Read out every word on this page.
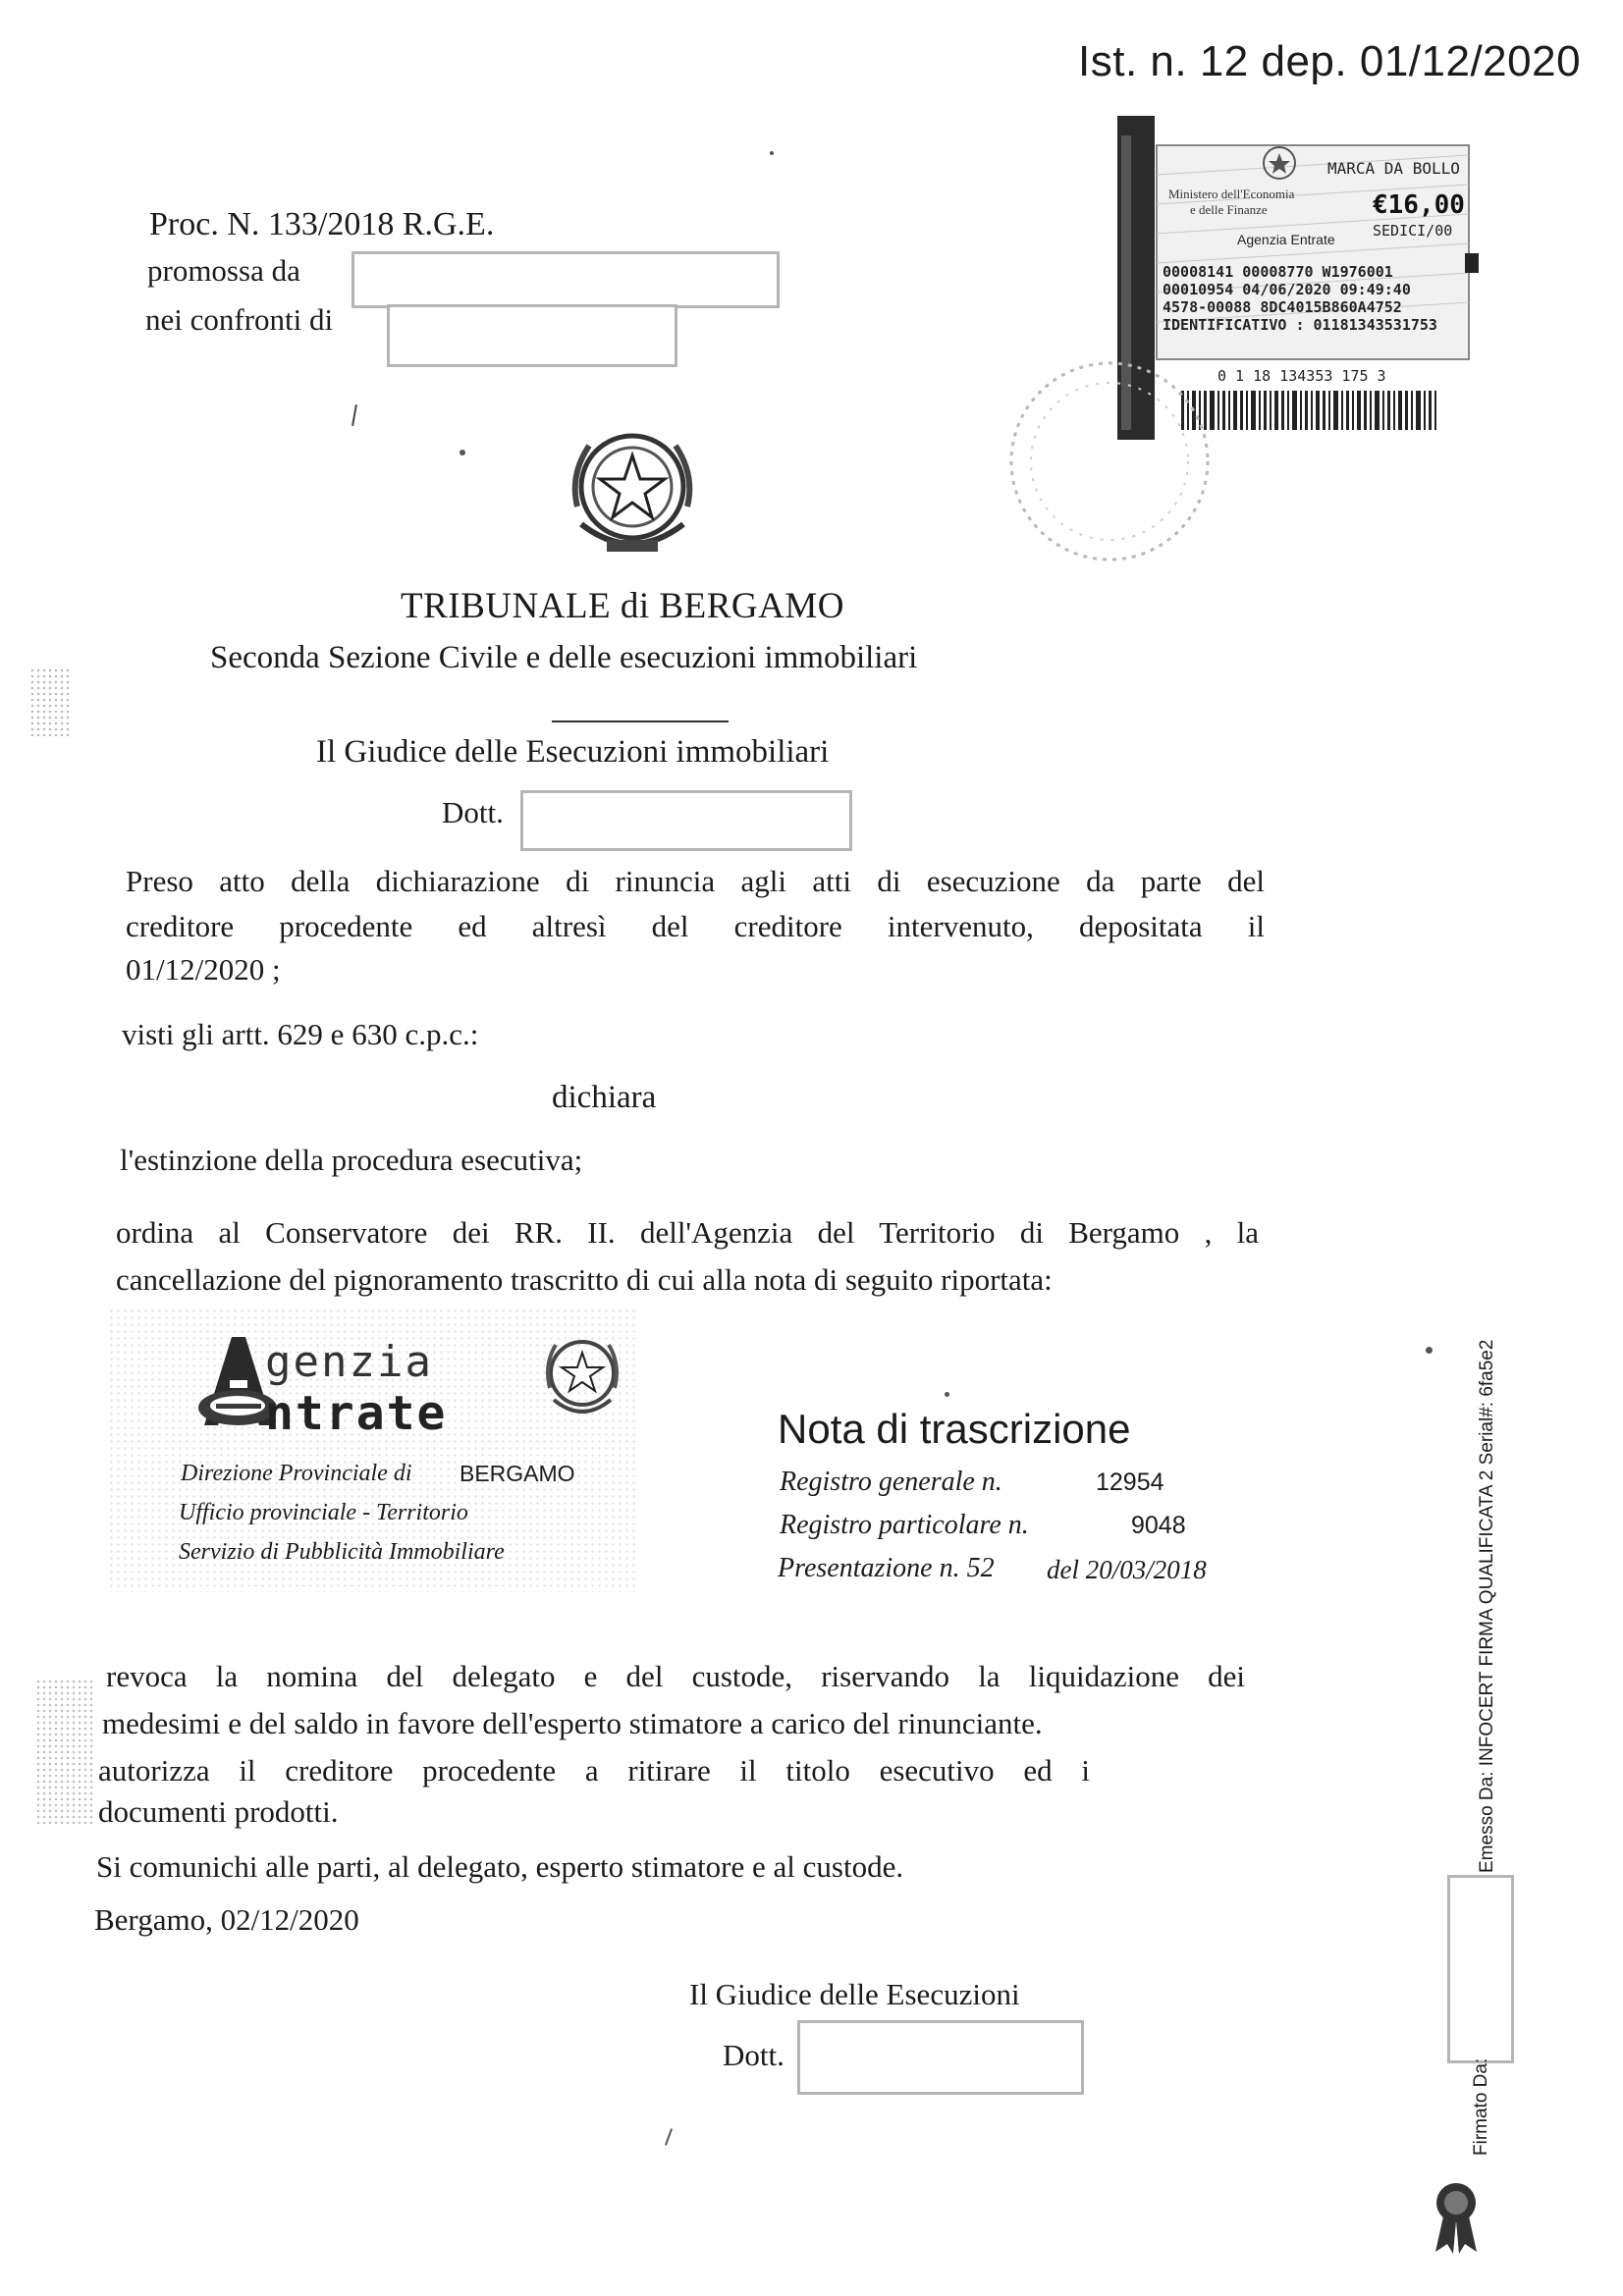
Ist. n. 12 dep. 01/12/2020
Proc. N. 133/2018 R.G.E.
promossa da
nei confronti di
Ministero dell'Economia
e delle Finanze
MARCA DA BOLLO
€16,00
SEDICI/00
Agenzia Entrate
00008141 00008770 W1976001
00010954 04/06/2020 09:49:40
4578-00088 8DC4015B860A4752
IDENTIFICATIVO : 01181343531753
0 1 18 134353 175 3
TRIBUNALE di BERGAMO
Seconda Sezione Civile e delle esecuzioni immobiliari
Il Giudice delle Esecuzioni immobiliari
Dott.
Preso atto della dichiarazione di rinuncia agli atti di esecuzione da parte del
creditore procedente ed altresì del creditore intervenuto, depositata il
01/12/2020 ;
visti gli artt. 629 e 630 c.p.c.:
dichiara
l'estinzione della procedura esecutiva;
ordina al Conservatore dei RR. II. dell'Agenzia del Territorio di Bergamo , la
cancellazione del pignoramento trascritto di cui alla nota di seguito riportata:
genzia
ntrate
Direzione Provinciale di BERGAMO
Ufficio provinciale - Territorio
Servizio di Pubblicità Immobiliare
Nota di trascrizione
Registro generale n.	12954
Registro particolare n.	9048
Presentazione n. 52 del 20/03/2018
revoca la nomina del delegato e del custode, riservando la liquidazione dei
medesimi e del saldo in favore dell'esperto stimatore a carico del rinunciante.
autorizza il creditore procedente a ritirare il titolo esecutivo ed i
documenti prodotti.
Si comunichi alle parti, al delegato, esperto stimatore e al custode.
Bergamo, 02/12/2020
Il Giudice delle Esecuzioni
Dott.
Emesso Da: INFOCERT FIRMA QUALIFICATA 2 Serial#: 6fa5e2
Firmato Da:
